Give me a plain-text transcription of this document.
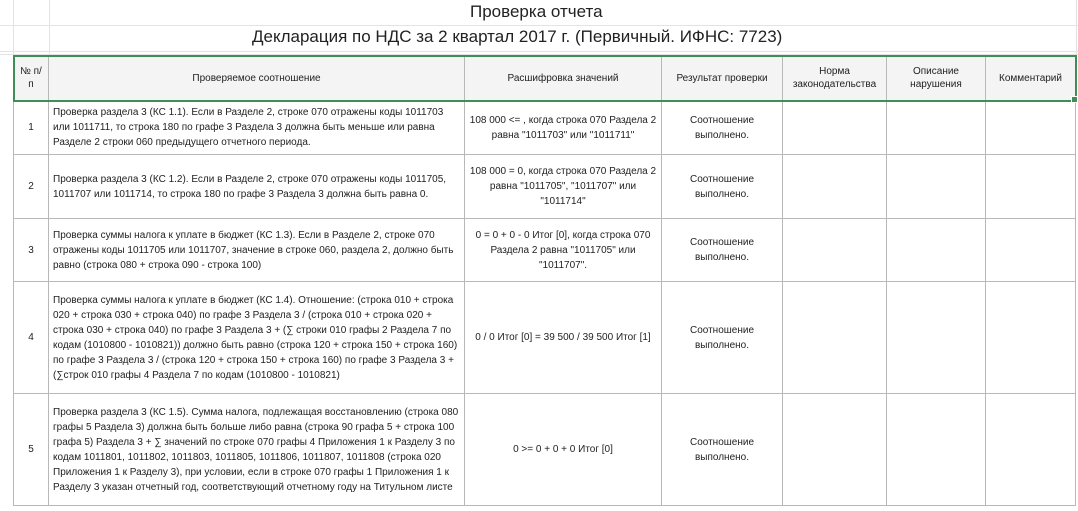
Проверка отчета
Декларация по НДС за 2 квартал 2017 г. (Первичный. ИФНС: 7723)
№ п/п	Проверяемое соотношение	Расшифровка значений	Результат проверки	Норма законодательства	Описание нарушения	Комментарий
1	Проверка раздела 3 (КС 1.1). Если в Разделе 2, строке 070 отражены коды 1011703 или 1011711, то строка 180 по графе 3 Раздела 3 должна быть меньше или равна Разделе 2 строки 060 предыдущего отчетного периода.	108 000 <= , когда строка 070 Раздела 2 равна "1011703" или "1011711"	Соотношение выполнено.			
2	Проверка раздела 3 (КС 1.2). Если в Разделе 2, строке 070 отражены коды 1011705, 1011707 или 1011714, то строка 180 по графе 3 Раздела 3 должна быть равна 0.	108 000 = 0, когда строка 070 Раздела 2 равна "1011705", "1011707" или "1011714"	Соотношение выполнено.			
3	Проверка суммы налога к уплате в бюджет (КС 1.3). Если в Разделе 2, строке 070 отражены коды 1011705 или 1011707, значение в строке 060, раздела 2, должно быть равно (строка 080 + строка 090 - строка 100)	0 = 0 + 0 - 0 Итог [0], когда строка 070 Раздела 2 равна "1011705" или "1011707".	Соотношение выполнено.			
4	Проверка суммы налога к уплате в бюджет (КС 1.4). Отношение: (строка 010 + строка 020 + строка 030 + строка 040) по графе 3 Раздела 3 / (строка 010 + строка 020 + строка 030 + строка 040) по графе 3 Раздела 3 + (∑ строки 010 графы 2 Раздела 7 по кодам (1010800 - 1010821)) должно быть равно (строка 120 + строка 150 + строка 160) по графе 3 Раздела 3 / (строка 120 + строка 150 + строка 160) по графе 3 Раздела 3 + (∑строк 010 графы 4 Раздела 7 по кодам (1010800 - 1010821)	0 / 0 Итог [0] = 39 500 / 39 500 Итог [1]	Соотношение выполнено.			
5	Проверка раздела 3 (КС 1.5). Сумма налога, подлежащая восстановлению (строка 080 графы 5 Раздела 3) должна быть больше либо равна (строка 90 графа 5 + строка 100 графа 5) Раздела 3 + ∑ значений по строке 070 графы 4 Приложения 1 к Разделу 3 по кодам 1011801, 1011802, 1011803, 1011805, 1011806, 1011807, 1011808 (строка 020 Приложения 1 к Разделу 3), при условии, если в строке 070 графы 1 Приложения 1 к Разделу 3 указан отчетный год, соответствующий отчетному году на Титульном листе	0 >= 0 + 0 + 0 Итог [0]	Соотношение выполнено.			
